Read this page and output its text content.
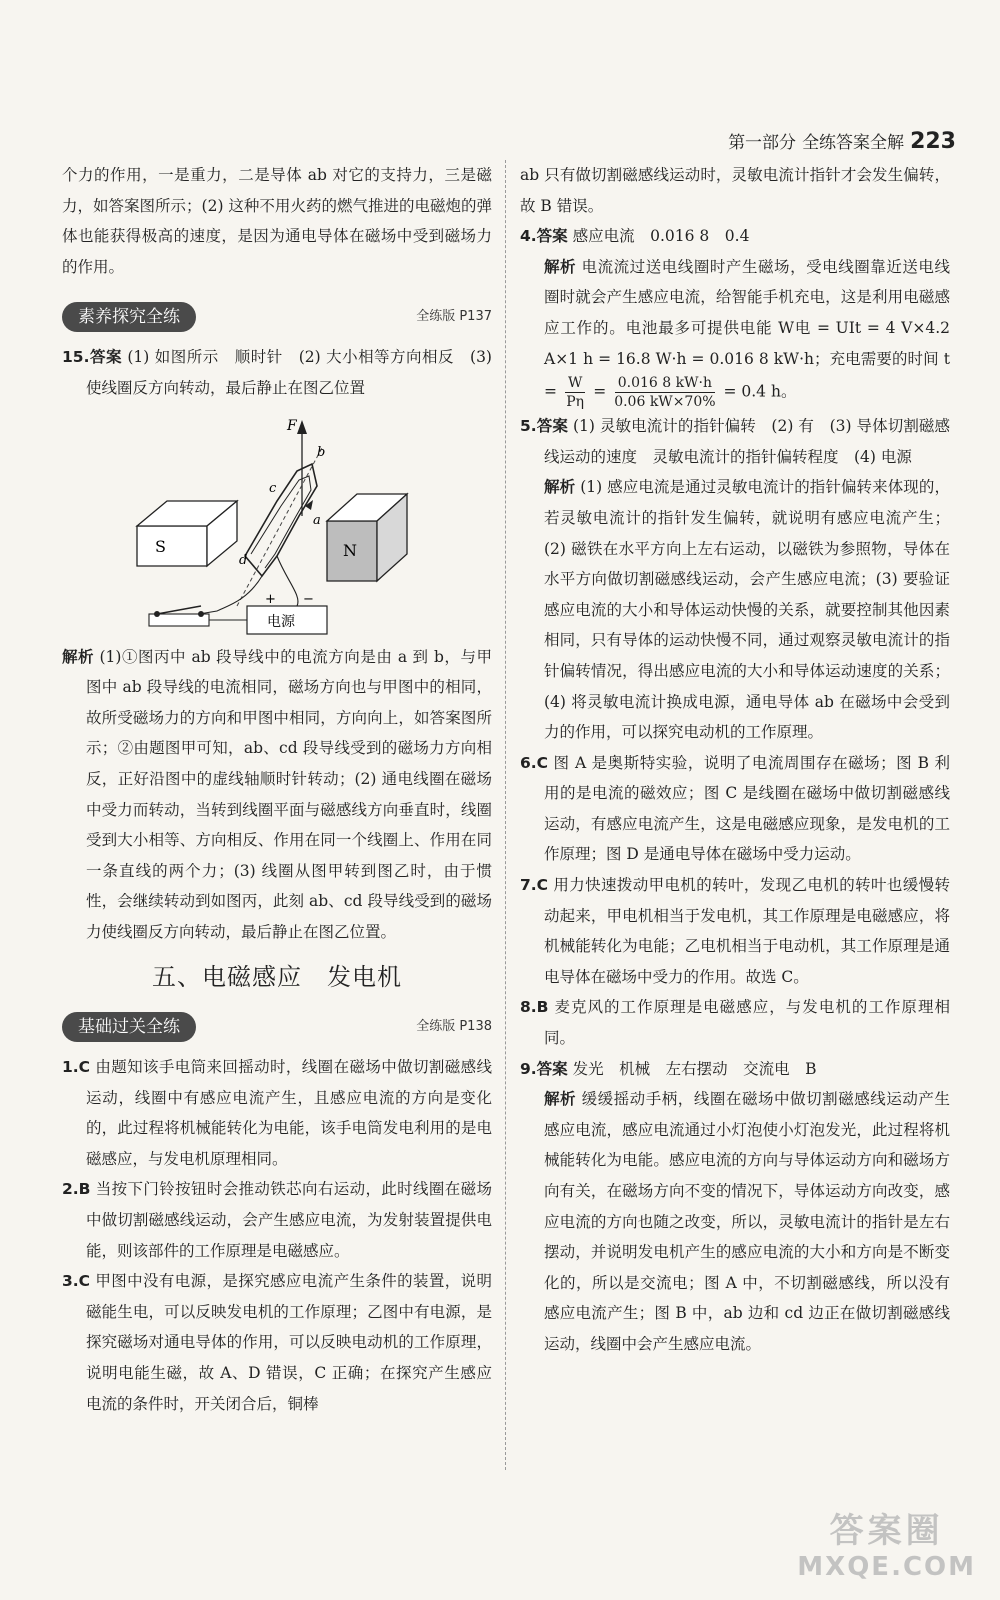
第一部分 全练答案全解 223

个力的作用，一是重力，二是导体 ab 对它的支持力，三是磁力，如答案图所示；(2) 这种不用火药的燃气推进的电磁炮的弹体也能获得极高的速度，是因为通电导体在磁场中受到磁场力的作用。

素养探究全练	全练版 P137

15.答案 (1) 如图所示　顺时针　(2) 大小相等方向相反　(3) 使线圈反方向转动，最后静止在图乙位置

S	N
F
b
c
a
d
+ −
电源

解析 (1)①图丙中 ab 段导线中的电流方向是由 a 到 b，与甲图中 ab 段导线的电流相同，磁场方向也与甲图中的相同，故所受磁场力的方向和甲图中相同，方向向上，如答案图所示；②由题图甲可知，ab、cd 段导线受到的磁场力方向相反，正好沿图中的虚线轴顺时针转动；(2) 通电线圈在磁场中受力而转动，当转到线圈平面与磁感线方向垂直时，线圈受到大小相等、方向相反、作用在同一个线圈上、作用在同一条直线的两个力；(3) 线圈从图甲转到图乙时，由于惯性，会继续转动到如图丙，此刻 ab、cd 段导线受到的磁场力使线圈反方向转动，最后静止在图乙位置。

五、电磁感应　发电机
基础过关全练	全练版 P138

1.C 由题知该手电筒来回摇动时，线圈在磁场中做切割磁感线运动，线圈中有感应电流产生，且感应电流的方向是变化的，此过程将机械能转化为电能，该手电筒发电利用的是电磁感应，与发电机原理相同。

2.B 当按下门铃按钮时会推动铁芯向右运动，此时线圈在磁场中做切割磁感线运动，会产生感应电流，为发射装置提供电能，则该部件的工作原理是电磁感应。

3.C 甲图中没有电源，是探究感应电流产生条件的装置，说明磁能生电，可以反映发电机的工作原理；乙图中有电源，是探究磁场对通电导体的作用，可以反映电动机的工作原理，说明电能生磁，故 A、D 错误，C 正确；在探究产生感应电流的条件时，开关闭合后，铜棒

ab 只有做切割磁感线运动时，灵敏电流计指针才会发生偏转，故 B 错误。

4.答案 感应电流　0.016 8　0.4

解析 电流流过送电线圈时产生磁场，受电线圈靠近送电线圈时就会产生感应电流，给智能手机充电，这是利用电磁感应工作的。电池最多可提供电能 W电 = UIt = 4 V×4.2 A×1 h = 16.8 W·h = 0.016 8 kW·h；充电需要的时间 $t = \frac{W}{P\eta} = \frac{0.016 8 kW\cdot h}{0.06 kW\times 70\%} = 0.4$ h。

5.答案 (1) 灵敏电流计的指针偏转　(2) 有　(3) 导体切割磁感线运动的速度　灵敏电流计的指针偏转程度　(4) 电源

解析 (1) 感应电流是通过灵敏电流计的指针偏转来体现的，若灵敏电流计的指针发生偏转，就说明有感应电流产生；(2) 磁铁在水平方向上左右运动，以磁铁为参照物，导体在水平方向做切割磁感线运动，会产生感应电流；(3) 要验证感应电流的大小和导体运动快慢的关系，就要控制其他因素相同，只有导体的运动快慢不同，通过观察灵敏电流计的指针偏转情况，得出感应电流的大小和导体运动速度的关系；(4) 将灵敏电流计换成电源，通电导体 ab 在磁场中会受到力的作用，可以探究电动机的工作原理。

6.C 图 A 是奥斯特实验，说明了电流周围存在磁场；图 B 利用的是电流的磁效应；图 C 是线圈在磁场中做切割磁感线运动，有感应电流产生，这是电磁感应现象，是发电机的工作原理；图 D 是通电导体在磁场中受力运动。

7.C 用力快速拨动甲电机的转叶，发现乙电机的转叶也缓慢转动起来，甲电机相当于发电机，其工作原理是电磁感应，将机械能转化为电能；乙电机相当于电动机，其工作原理是通电导体在磁场中受力的作用。故选 C。

8.B 麦克风的工作原理是电磁感应，与发电机的工作原理相同。

9.答案 发光　机械　左右摆动　交流电　B

解析 缓缓摇动手柄，线圈在磁场中做切割磁感线运动产生感应电流，感应电流通过小灯泡使小灯泡发光，此过程将机械能转化为电能。感应电流的方向与导体运动方向和磁场方向有关，在磁场方向不变的情况下，导体运动方向改变，感应电流的方向也随之改变，所以，灵敏电流计的指针是左右摆动，并说明发电机产生的感应电流的大小和方向是不断变化的，所以是交流电；图 A 中，不切割磁感线，所以没有感应电流产生；图 B 中，ab 边和 cd 边正在做切割磁感线运动，线圈中会产生感应电流。

答案圈
MXQE.COM
